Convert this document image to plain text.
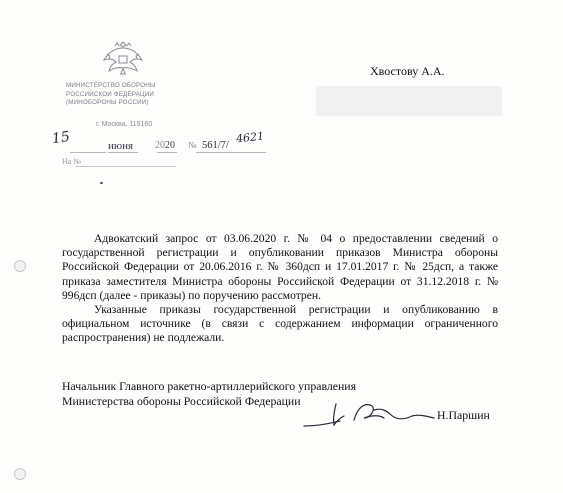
МИНИСТЕРСТВО ОБОРОНЫ
РОССИЙСКОЙ ФЕДЕРАЦИИ
(МИНОБОРОНЫ РОССИИ)
г. Москва, 119160
15	июня 20 20 № 561/7/
4621
На №
Хвостову А.А.

Адвокатский запрос от 03.06.2020 г. № 04 о предоставлении сведений о государственной регистрации и опубликовании приказов Министра обороны Российской Федерации от 20.06.2016 г. № 360дсп и 17.01.2017 г. № 25дсп, а также приказа заместителя Министра обороны Российской Федерации от 31.12.2018 г. № 996дсп (далее - приказы) по поручению рассмотрен.

Указанные приказы государственной регистрации и опубликованию в официальном источнике (в связи с содержанием информации ограниченного распространения) не подлежали.

Начальник Главного ракетно-артиллерийского управления
Министерства обороны Российской Федерации
Н.Паршин
